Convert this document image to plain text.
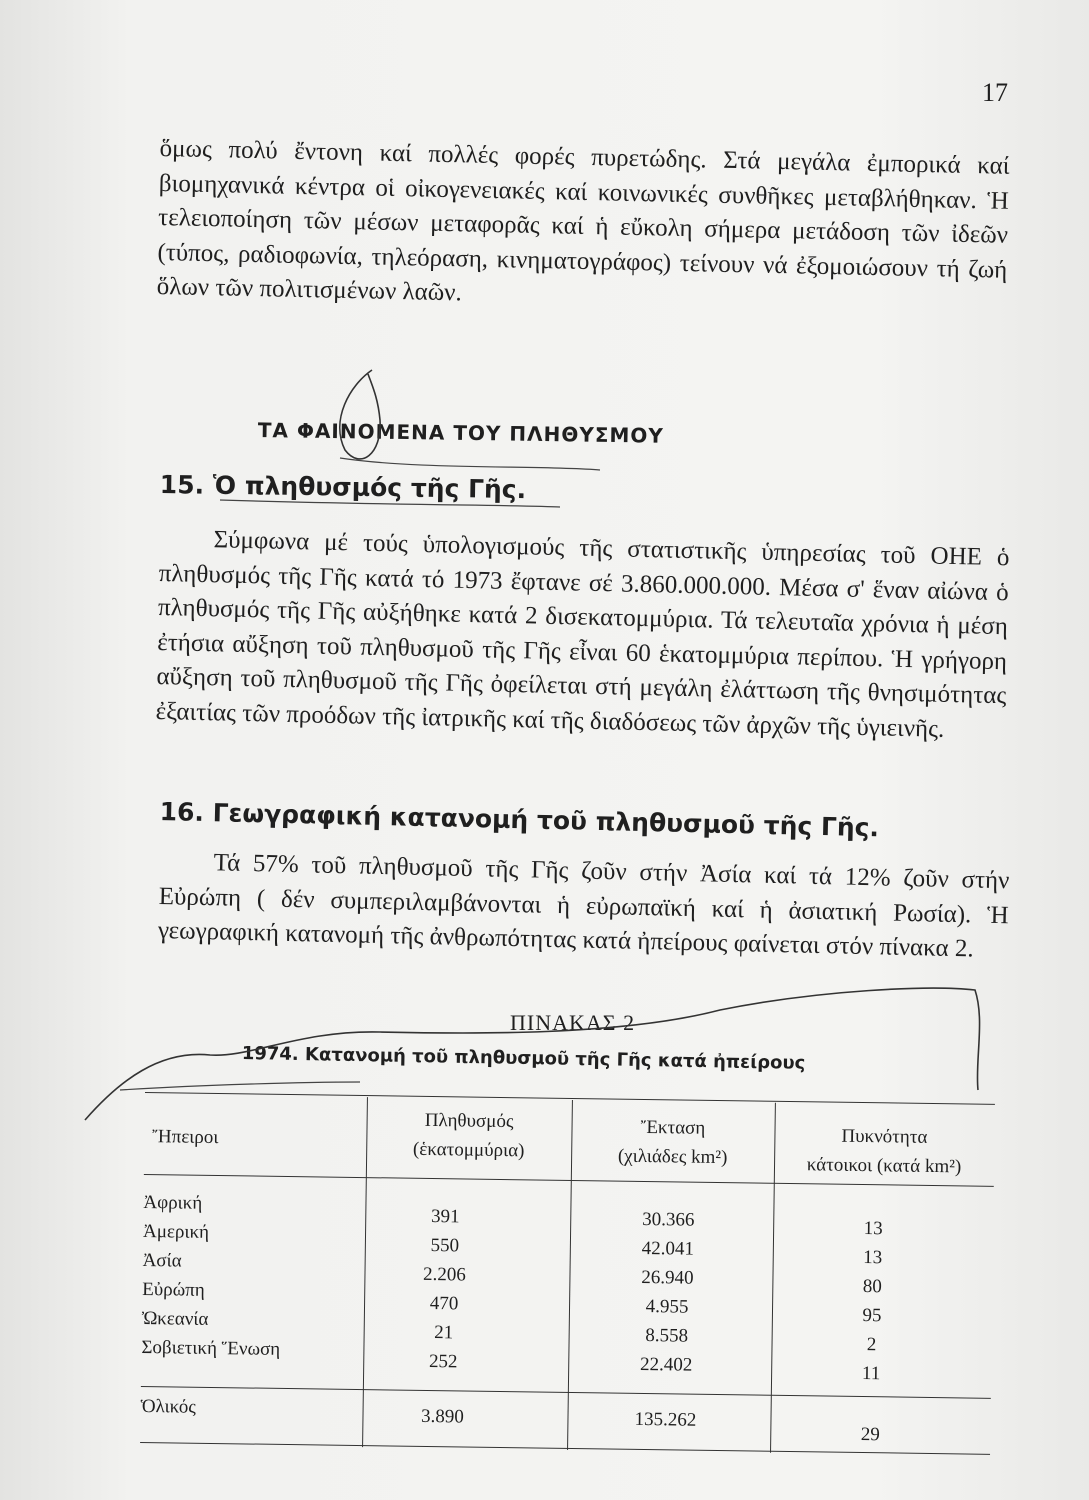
17

ὅμως πολύ ἔντονη καί πολλές φορές πυρετώδης. Στά μεγάλα ἐμπορικά καί βιομηχανικά κέντρα οἱ οἰκογενειακές καί κοινωνικές συνθῆκες μεταβλήθηκαν. Ἡ τελειοποίηση τῶν μέσων μεταφορᾶς καί ἡ εὔκολη σήμερα μετάδοση τῶν ἰδεῶν (τύπος, ραδιοφωνία, τηλεόραση, κινηματογράφος) τείνουν νά ἐξομοιώσουν τή ζωή ὅλων τῶν πολιτισμένων λαῶν.

ΤΑ ΦΑΙΝΟΜΕΝΑ ΤΟΥ ΠΛΗΘΥΣΜΟΥ
15. Ὁ πληθυσμός τῆς Γῆς.

Σύμφωνα μέ τούς ὑπολογισμούς τῆς στατιστικῆς ὑπηρεσίας τοῦ ΟΗΕ ὁ πληθυσμός τῆς Γῆς κατά τό 1973 ἔφτανε σέ 3.860.000.000. Μέσα σ' ἕναν αἰώνα ὁ πληθυσμός τῆς Γῆς αὐξήθηκε κατά 2 δισεκατομμύρια. Τά τελευταῖα χρόνια ἡ μέση ἐτήσια αὔξηση τοῦ πληθυσμοῦ τῆς Γῆς εἶναι 60 ἑκατομμύρια περίπου. Ἡ γρήγορη αὔξηση τοῦ πληθυσμοῦ τῆς Γῆς ὀφείλεται στή μεγάλη ἐλάττωση τῆς θνησιμότητας ἐξαιτίας τῶν προόδων τῆς ἰατρικῆς καί τῆς διαδόσεως τῶν ἀρχῶν τῆς ὑγιεινῆς.

16. Γεωγραφική κατανομή τοῦ πληθυσμοῦ τῆς Γῆς.

Τά 57% τοῦ πληθυσμοῦ τῆς Γῆς ζοῦν στήν Ἀσία καί τά 12% ζοῦν στήν Εὐρώπη ( δέν συμπεριλαμβάνονται ἡ εὐρωπαϊκή καί ἡ ἀσιατική Ρωσία). Ἡ γεωγραφική κατανομή τῆς ἀνθρωπότητας κατά ἠπείρους φαίνεται στόν πίνακα 2.

ΠΙΝΑΚΑΣ 2
1974. Κατανομή τοῦ πληθυσμοῦ τῆς Γῆς κατά ἠπείρους
Ἤπειροι
Πληθυσμός
(ἑκατομμύρια)
Ἔκταση
(χιλιάδες km²)
Πυκνότητα
κάτοικοι (κατά km²)
Ἀφρική
Ἀμερική
Ἀσία
Εὐρώπη
Ὠκεανία
Σοβιετική Ἕνωση
391
550
2.206
470
21
252
30.366
42.041
26.940
4.955
8.558
22.402
13
13
80
95
2
11
Ὁλικός	3.890	135.262
29
